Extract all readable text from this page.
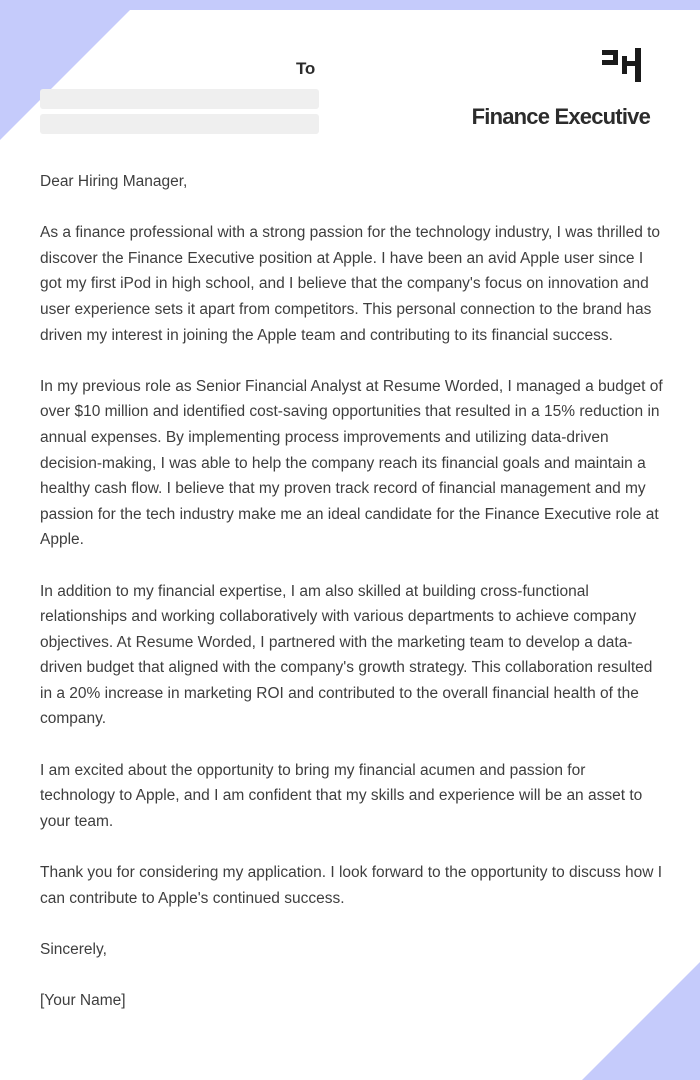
To
Finance Executive

Dear Hiring Manager,

As a finance professional with a strong passion for the technology industry, I was thrilled to discover the Finance Executive position at Apple. I have been an avid Apple user since I got my first iPod in high school, and I believe that the company's focus on innovation and user experience sets it apart from competitors. This personal connection to the brand has driven my interest in joining the Apple team and contributing to its financial success.

In my previous role as Senior Financial Analyst at Resume Worded, I managed a budget of over $10 million and identified cost-saving opportunities that resulted in a 15% reduction in annual expenses. By implementing process improvements and utilizing data-driven decision-making, I was able to help the company reach its financial goals and maintain a healthy cash flow. I believe that my proven track record of financial management and my passion for the tech industry make me an ideal candidate for the Finance Executive role at Apple.

In addition to my financial expertise, I am also skilled at building cross-functional relationships and working collaboratively with various departments to achieve company objectives. At Resume Worded, I partnered with the marketing team to develop a data-driven budget that aligned with the company's growth strategy. This collaboration resulted in a 20% increase in marketing ROI and contributed to the overall financial health of the company.

I am excited about the opportunity to bring my financial acumen and passion for technology to Apple, and I am confident that my skills and experience will be an asset to your team.

Thank you for considering my application. I look forward to the opportunity to discuss how I can contribute to Apple's continued success.

Sincerely,

[Your Name]
